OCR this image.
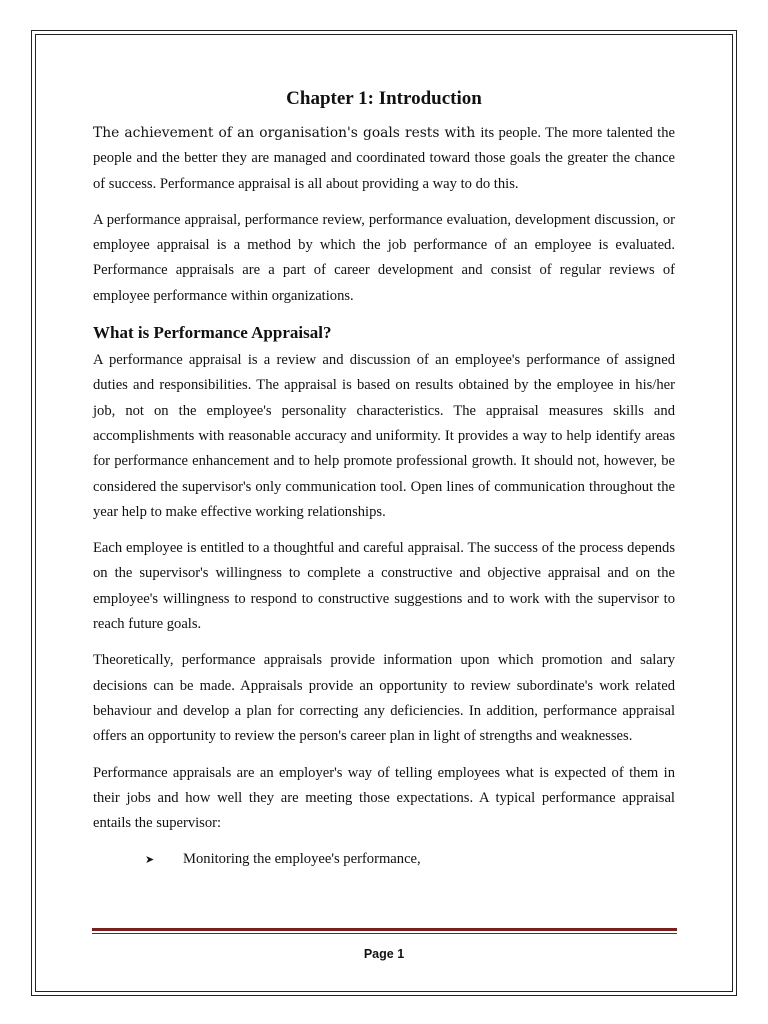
Chapter 1: Introduction

The achievement of an organisation's goals rests with its people. The more talented the people and the better they are managed and coordinated toward those goals the greater the chance of success. Performance appraisal is all about providing a way to do this.

A performance appraisal, performance review, performance evaluation, development discussion, or employee appraisal is a method by which the job performance of an employee is evaluated. Performance appraisals are a part of career development and consist of regular reviews of employee performance within organizations.

What is Performance Appraisal?

A performance appraisal is a review and discussion of an employee's performance of assigned duties and responsibilities. The appraisal is based on results obtained by the employee in his/her job, not on the employee's personality characteristics. The appraisal measures skills and accomplishments with reasonable accuracy and uniformity. It provides a way to help identify areas for performance enhancement and to help promote professional growth. It should not, however, be considered the supervisor's only communication tool. Open lines of communication throughout the year help to make effective working relationships.

Each employee is entitled to a thoughtful and careful appraisal. The success of the process depends on the supervisor's willingness to complete a constructive and objective appraisal and on the employee's willingness to respond to constructive suggestions and to work with the supervisor to reach future goals.

Theoretically, performance appraisals provide information upon which promotion and salary decisions can be made. Appraisals provide an opportunity to review subordinate's work related behaviour and develop a plan for correcting any deficiencies. In addition, performance appraisal offers an opportunity to review the person's career plan in light of strengths and weaknesses.

Performance appraisals are an employer's way of telling employees what is expected of them in their jobs and how well they are meeting those expectations. A typical performance appraisal entails the supervisor:

➤	Monitoring the employee's performance,
Page 1
